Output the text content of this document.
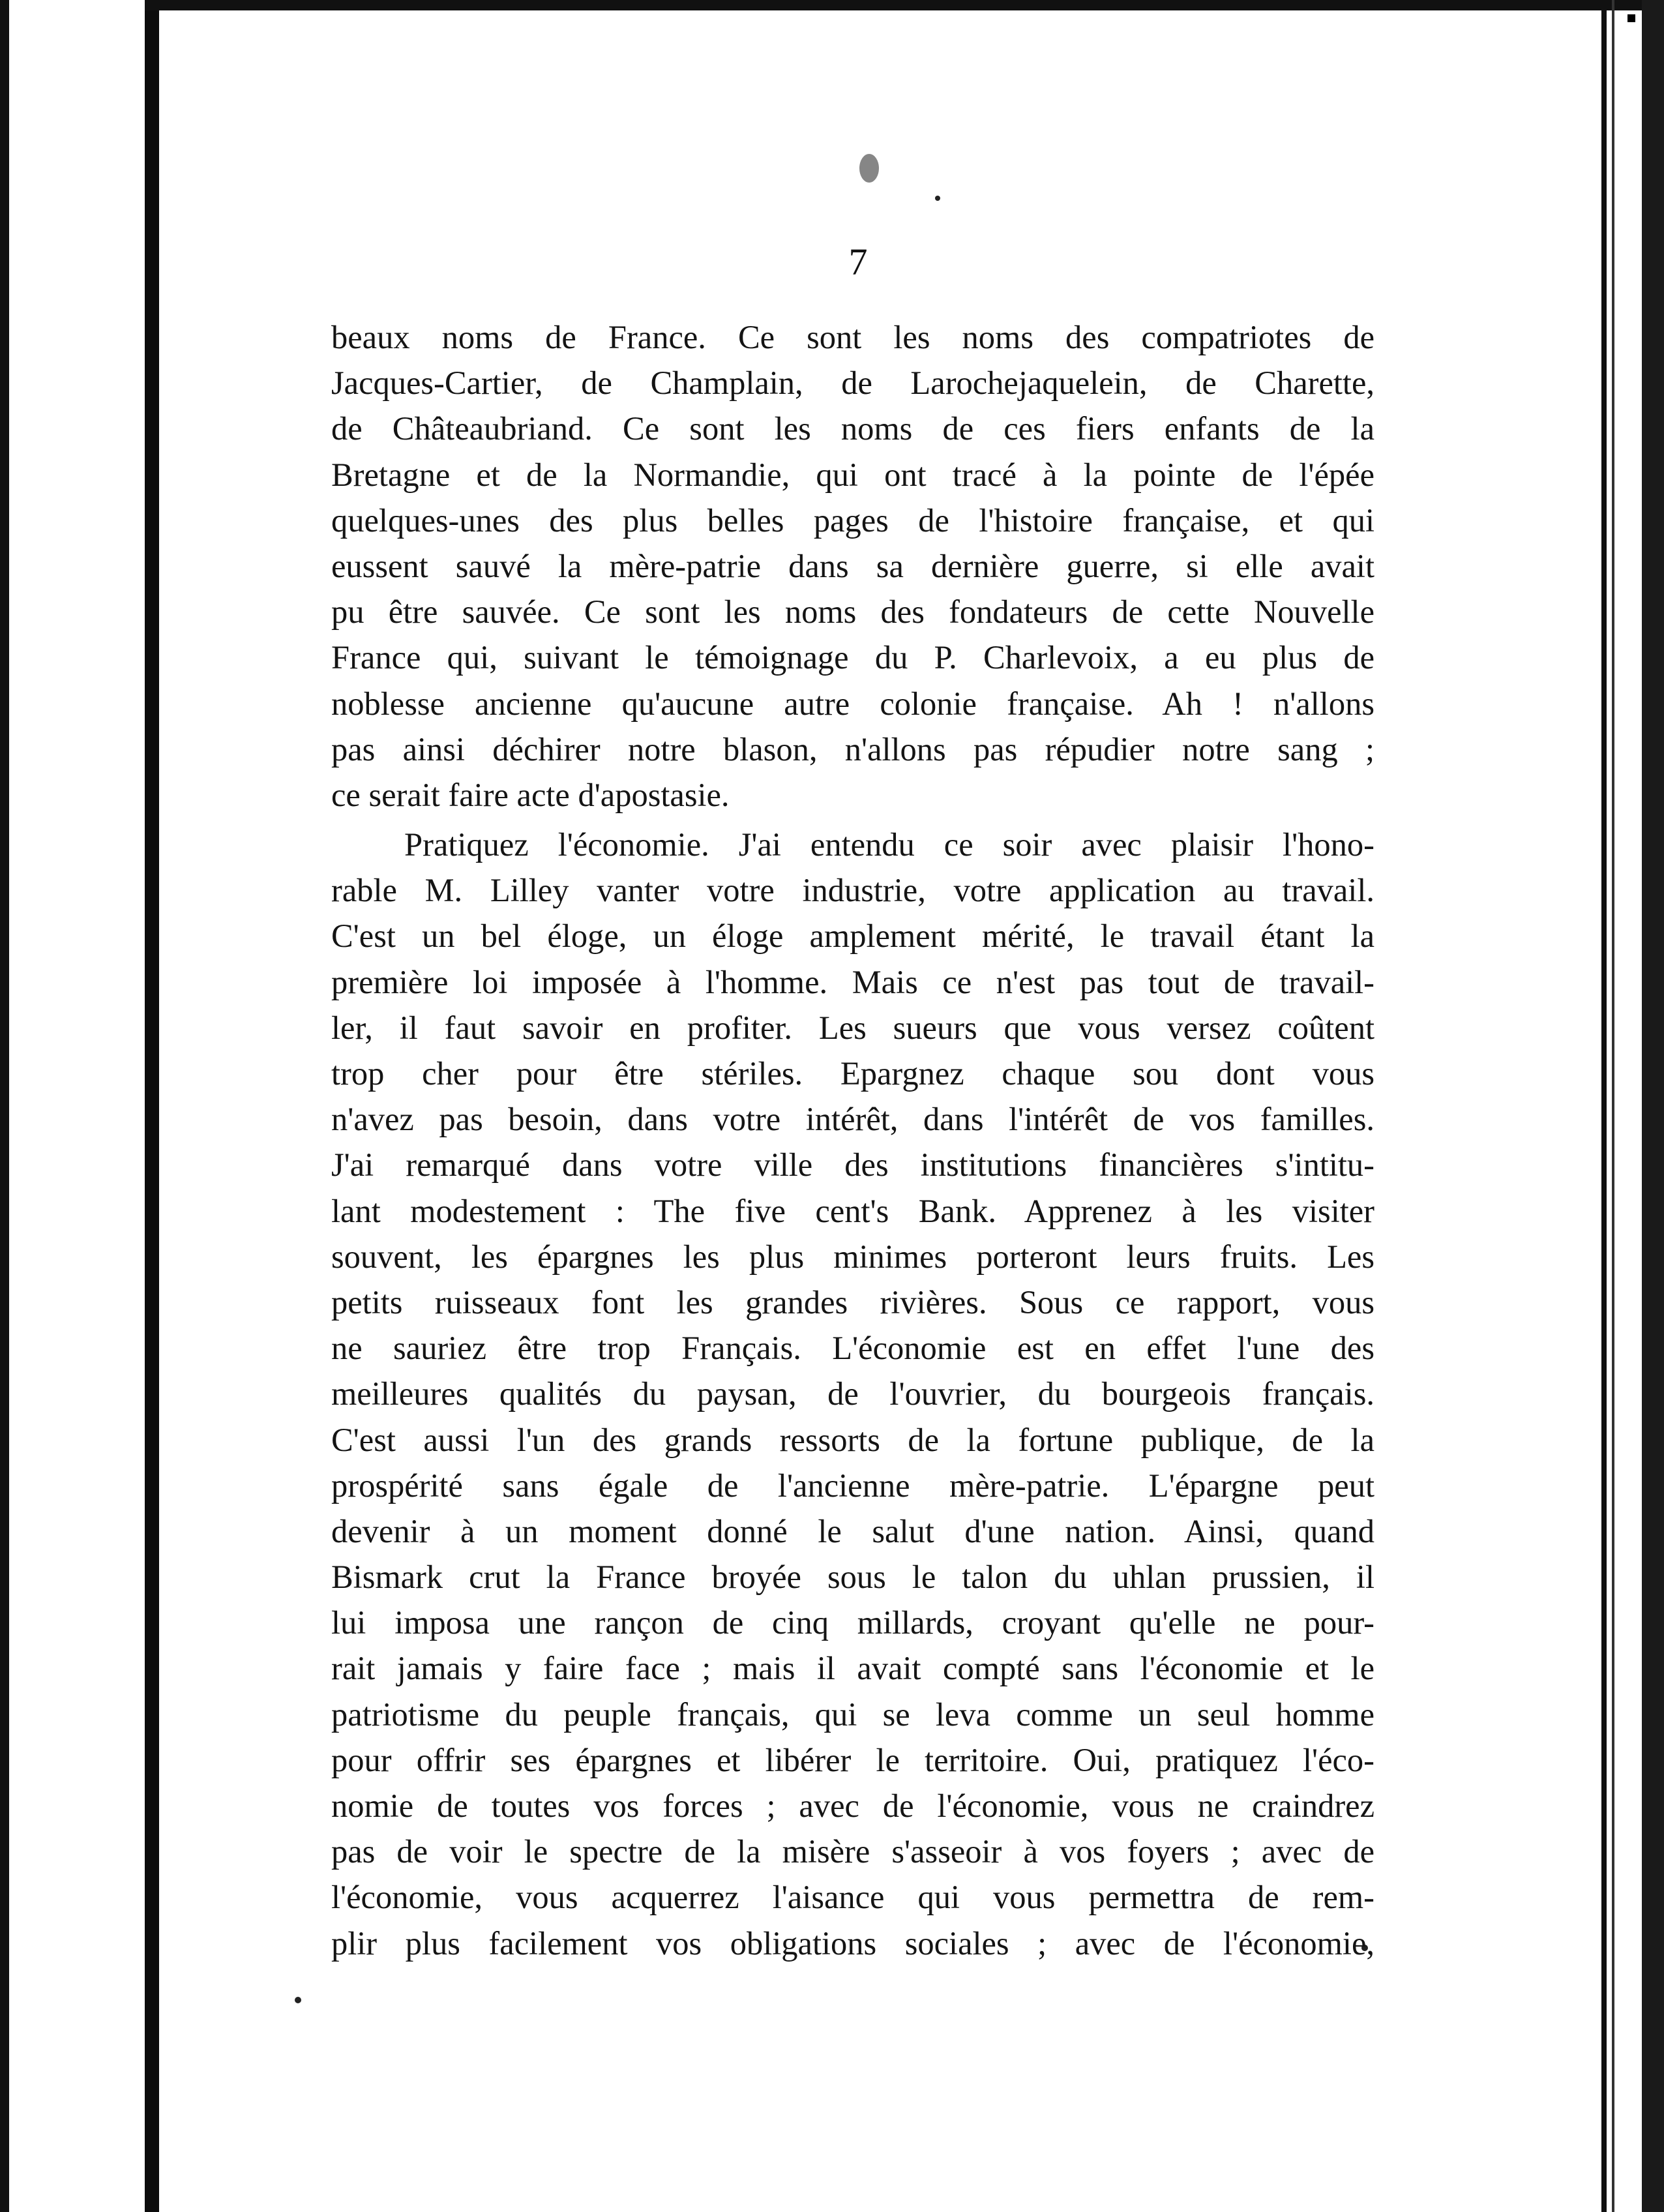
7
beaux noms de France. Ce sont les noms des compatriotes de
Jacques-Cartier, de Champlain, de Larochejaquelein, de Charette,
de Châteaubriand. Ce sont les noms de ces fiers enfants de la
Bretagne et de la Normandie, qui ont tracé à la pointe de l'épée
quelques-unes des plus belles pages de l'histoire française, et qui
eussent sauvé la mère-patrie dans sa dernière guerre, si elle avait
pu être sauvée. Ce sont les noms des fondateurs de cette Nouvelle
France qui, suivant le témoignage du P. Charlevoix, a eu plus de
noblesse ancienne qu'aucune autre colonie française. Ah ! n'allons
pas ainsi déchirer notre blason, n'allons pas répudier notre sang ;
ce serait faire acte d'apostasie.
Pratiquez l'économie. J'ai entendu ce soir avec plaisir l'hono-
rable M. Lilley vanter votre industrie, votre application au travail.
C'est un bel éloge, un éloge amplement mérité, le travail étant la
première loi imposée à l'homme. Mais ce n'est pas tout de travail-
ler, il faut savoir en profiter. Les sueurs que vous versez coûtent
trop cher pour être stériles. Epargnez chaque sou dont vous
n'avez pas besoin, dans votre intérêt, dans l'intérêt de vos familles.
J'ai remarqué dans votre ville des institutions financières s'intitu-
lant modestement : The five cent's Bank. Apprenez à les visiter
souvent, les épargnes les plus minimes porteront leurs fruits. Les
petits ruisseaux font les grandes rivières. Sous ce rapport, vous
ne sauriez être trop Français. L'économie est en effet l'une des
meilleures qualités du paysan, de l'ouvrier, du bourgeois français.
C'est aussi l'un des grands ressorts de la fortune publique, de la
prospérité sans égale de l'ancienne mère-patrie. L'épargne peut
devenir à un moment donné le salut d'une nation. Ainsi, quand
Bismark crut la France broyée sous le talon du uhlan prussien, il
lui imposa une rançon de cinq millards, croyant qu'elle ne pour-
rait jamais y faire face ; mais il avait compté sans l'économie et le
patriotisme du peuple français, qui se leva comme un seul homme
pour offrir ses épargnes et libérer le territoire. Oui, pratiquez l'éco-
nomie de toutes vos forces ; avec de l'économie, vous ne craindrez
pas de voir le spectre de la misère s'asseoir à vos foyers ; avec de
l'économie, vous acquerrez l'aisance qui vous permettra de rem-
plir plus facilement vos obligations sociales ; avec de l'économie,
